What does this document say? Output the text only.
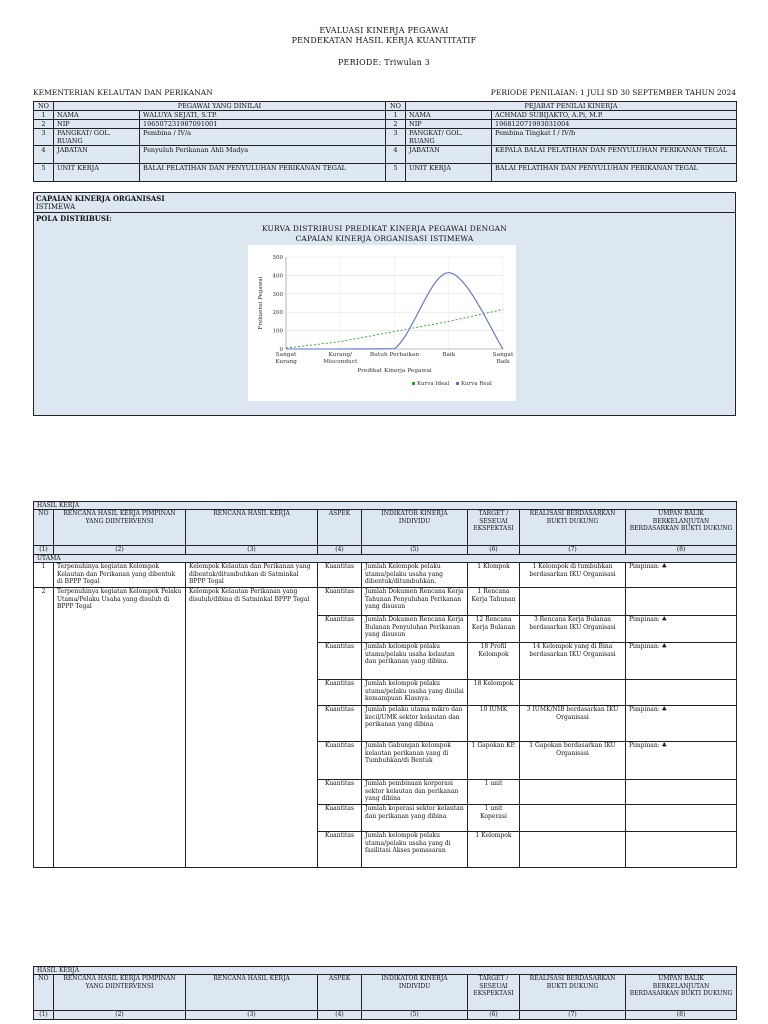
EVALUASI KINERJA PEGAWAI
PENDEKATAN HASIL KERJA KUANTITATIF
PERIODE: Triwulan 3
KEMENTERIAN KELAUTAN DAN PERIKANAN	PERIODE PENILAIAN: 1 JULI SD 30 SEPTEMBER TAHUN 2024
NO	PEGAWAI YANG DINILAI		NO	PEJABAT PENILAI KINERJA	
1	NAMA	WALUYA SEJATI, S.TP.	1	NAMA	ACHMAD SUBIJAKTO, A.Pi, M.P.
2	NIP	196507231987091001	2	NIP	196812071993031004
3	PANGKAT/ GOL. RUANG	Pembina / IV/a	3	PANGKAT/ GOL. RUANG	Pembina Tingkat I / IV/b
4	JABATAN	Penyuluh Perikanan Ahli Madya	4	JABATAN	KEPALA BALAI PELATIHAN DAN PENYULUHAN PERIKANAN TEGAL
5	UNIT KERJA	BALAI PELATIHAN DAN PENYULUHAN PERIKANAN TEGAL	5	UNIT KERJA	BALAI PELATIHAN DAN PENYULUHAN PERIKANAN TEGAL
CAPAIAN KINERJA ORGANISASI
ISTIMEWA
POLA DISTRIBUSI:
KURVA DISTRIBUSI PREDIKAT KINERJA PEGAWAI DENGAN
CAPAIAN KINERJA ORGANISASI ISTIMEWA
0
100
200
300
400
500
Sangat
Kurang
Kurang/
Misconduct
Butuh Perbaikan	Baik	Sangat
Baik
Frekuensi Pegawai
Predikat Kinerja Pegawai
Kurva Ideal Kurva Real
HASIL KERJA							
NO	RENCANA HASIL KERJA PIMPINAN YANG DIINTERVENSI	RENCANA HASIL KERJA	ASPEK	INDIKATOR KINERJA INDIVIDU	TARGET / SESEUAI EKSPEKTASI	REALISASI BERDASARKAN BUKTI DUKUNG	UMPAN BALIK BERKELANJUTAN BERDASARKAN BUKTI DUKUNG
(1)	(2)	(3)	(4)	(5)	(6)	(7)	(8)
UTAMA							
1	Terpenuhinya kegiatan Kelompok Kelautan dan Perikanan yang dibentuk di BPPP Tegal	Kelompok Kelautan dan Perikanan yang dibentuk/ditumbuhkan di Satminkal BPPP Tegal	Kuantitas	Jumlah Kelompok pelaku utama/pelaku usaha yang dibentuk/ditumbuhkan.	1 Klompok	1 Kelompok di tumbuhkan berdasarkan IKU Organisasi	Pimpinan: ♣
2	Terpenuhinya kegiatan Kelompok Pelaku Utama/Pelaku Usaha yang disuluh di BPPP Tegal	Kelompok Kelautan Perikanan yang disuluh/dibina di Satminkal BPPP Tegal	Kuantitas	Jumlah Dokumen Rencana Kerja Tahunan Penyuluhan Perikanan yang disusun	1 Rencana Kerja Tahunan		
			Kuantitas	Jumlah Dokumen Rencana Kerja Bulanan Penyuluhan Perikanan yang disusun	12 Rencana Kerja Bulanan	3 Rencana Kerja Bulanan berdasarkan IKU Organisasi	Pimpinan: ♣
			Kuantitas	Jumlah kelompok pelaku utama/pelaku usaha kelautan dan perikanan yang dibina.	18 Profil Kelompok	14 Kelompok yang di Bina berdasarkan IKU Organisasi	Pimpinan: ♣
			Kuantitas	Jumlah kelompok pelaku utama/pelaku usaha yang dinilai kemampuan Klasnya.	18 Kelompok		
			Kuantitas	Jumlah pelaku utama mikro dan kecil/UMK sektor kelautan dan perikanan yang dibina	10 IUMK	3 IUMK/NIB berdasarkan IKU Organisasi	Pimpinan: ♣
			Kuantitas	Jumlah Gabungan kelompok kelautan perikanan yang di Tumbuhkan/di Bentuk	1 Gapokan KP.	1 Gapokan berdasarkan IKU Organisasi	Pimpinan: ♣
			Kuantitas	Jumlah pembinaan korporasi sektor kelautan dan perikanan yang dibina	1 unit		
			Kuantitas	Jumlah koperasi sektor kelautan dan perikanan yang dibina	1 unit Koperasi		
			Kuantitas	Jumlah kelompok pelaku utama/pelaku usaha yang di fasilitasi Akses pemasaran	1 Kelompok		
HASIL KERJA							
NO	RENCANA HASIL KERJA PIMPINAN YANG DIINTERVENSI	RENCANA HASIL KERJA	ASPEK	INDIKATOR KINERJA INDIVIDU	TARGET / SESEUAI EKSPEKTASI	REALISASI BERDASARKAN BUKTI DUKUNG	UMPAN BALIK BERKELANJUTAN BERDASARKAN BUKTI DUKUNG
(1)	(2)	(3)	(4)	(5)	(6)	(7)	(8)
